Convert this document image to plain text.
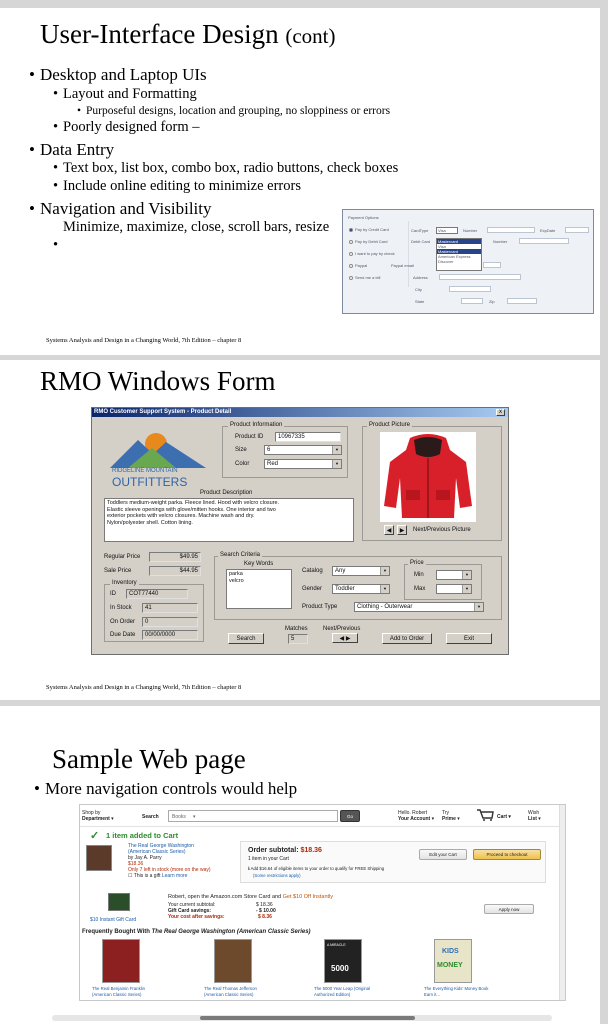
User-Interface Design (cont)
• Desktop and Laptop UIs
• Layout and Formatting
• Purposeful designs, location and grouping, no sloppiness or errors
• Poorly designed form –
• Data Entry
• Text box, list box, combo box, radio buttons, check boxes
• Include online editing to minimize errors
• Navigation and Visibility
• Minimize, maximize, close, scroll bars, resize
Payment Options
Pay by Credit Card
Pay by Debit Card
I want to pay by check
Paypal
Send me a bill
CardType Visa	Number	ExpDate
Debit Card Mastercard
Visa
Mastercard
American Express
Discover
Number
Paypal email
Address
City
State	Zip
Systems Analysis and Design in a Changing World, 7th Edition – chapter 8
RMO Windows Form
RMO Customer Support System - Product Detail	x
RIDGELINE MOUNTAIN
OUTFITTERS
Product Information
Product ID	10967335
Size	6 ▼
Color	Red ▼
Product Picture
◀	▶	Next/Previous Picture
Product Description
Toddlers medium-weight parka. Fleece lined. Hood with velcro closure.
Elastic sleeve openings with glove/mitten hooks. One interior and two
exterior pockets with velcro closures. Machine wash and dry.
Nylon/polyester shell. Cotton lining.
Regular Price	$49.95
Sale Price	$44.95
Inventory
ID	COT77440
In Stock	41
On Order	0
Due Date	00/00/0000
Search Criteria
Key Words
parka
velcro
Catalog	Any ▼
Gender	Toddler ▼
Price
Min
▼
Max
▼
Product Type	Clothing - Outerwear ▼
Matches
5
Next/Previous
◀ ▶
Search	Add to Order	Exit
Systems Analysis and Design in a Changing World, 7th Edition – chapter 8
Sample Web page
• More navigation controls would help
Shop by
Department ▾	Search	Books ▾	Go
Hello. Robert
Your Account ▾
Try
Prime ▾	Cart ▾
Wish
List ▾
✓ 1 item added to Cart
The Real George Washington
(American Classic Series)
by Jay A. Parry
$18.36
Only 7 left in stock (more on the way)
☐ This is a gift Learn more
Order subtotal: $18.36
1 item in your Cart
ℹ Add $16.64 of eligible items to your order to qualify for FREE Shipping
(Some restrictions apply)
Edit your Cart	Proceed to checkout
Robert, open the Amazon.com Store Card and Get $10 Off Instantly
Your current subtotal:	$ 18.36
Gift Card savings:	- $ 10.00
Your cost after savings:	$ 8.36
$10 Instant Gift Card
Apply now
Frequently Bought With The Real George Washington (American Classic Series)
The Real Benjamin Franklin
(American Classic Series)
The Real Thomas Jefferson
(American Classic Series)
A MIRACLE
5000
The 5000 Year Leap (Original
Authorized Edition)
KIDS
MONEY
The Everything Kids' Money Book
Earn it...
